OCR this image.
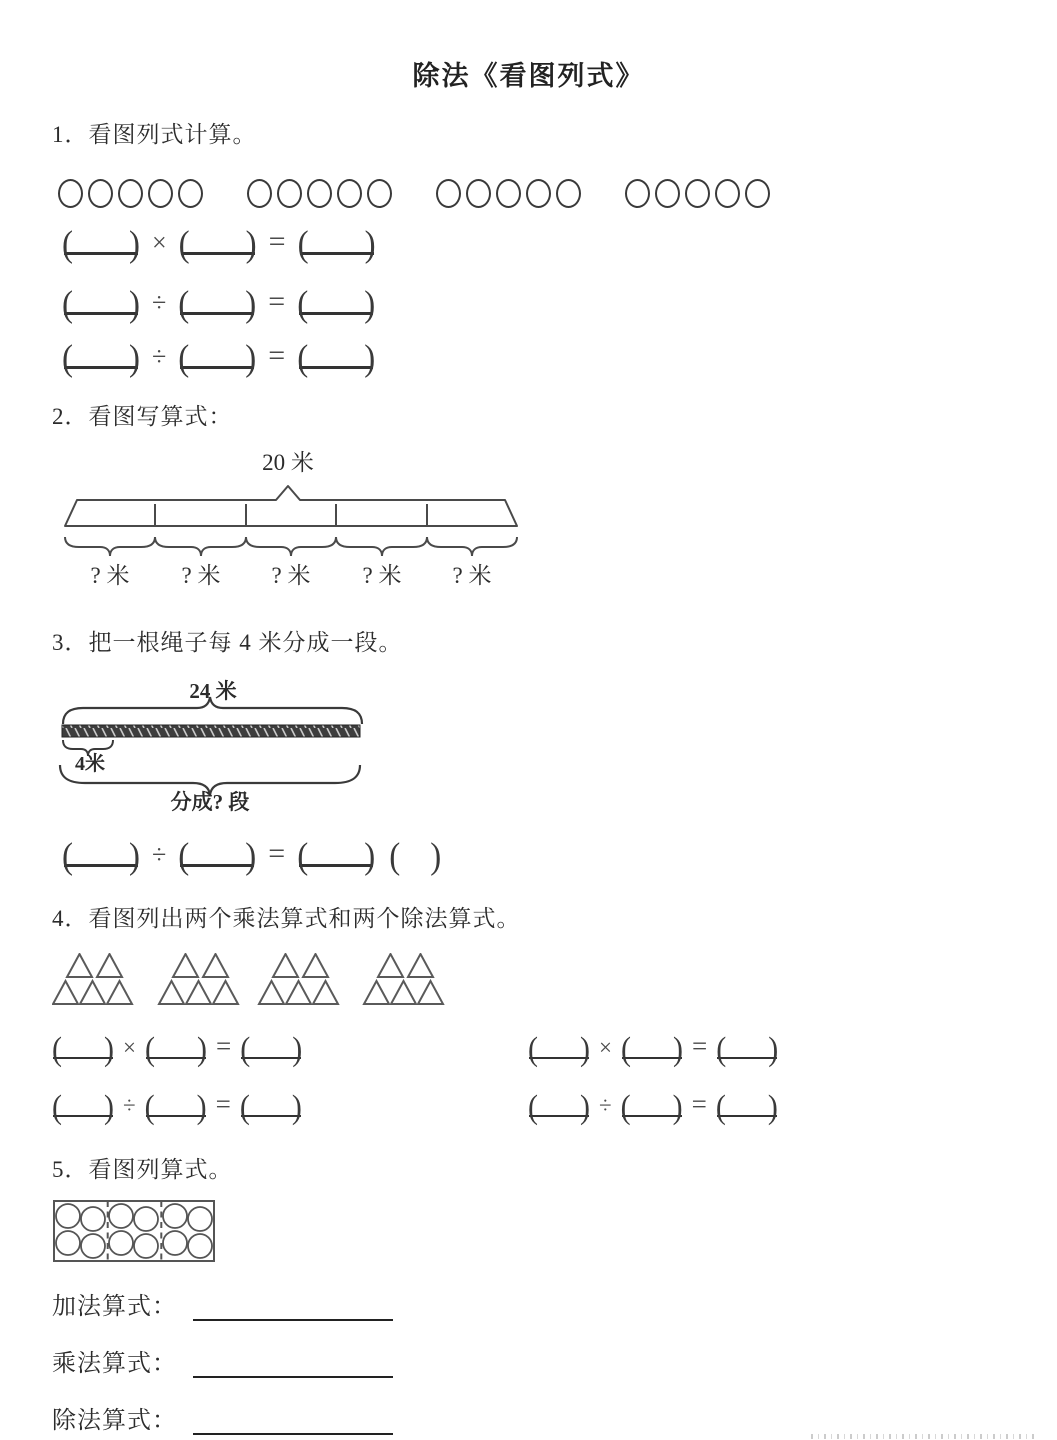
除法《看图列式》
1．看图列式计算。
( ) × ( ) = ( )
( ) ÷ ( ) = ( )
( ) ÷ ( ) = ( )
2．看图写算式：
20 米
? 米 ? 米 ? 米 ? 米 ? 米
3．把一根绳子每 4 米分成一段。
24 米
4米
分成? 段
( ) ÷ ( ) = ( ) ( )
4．看图列出两个乘法算式和两个除法算式。
( ) × ( ) = ( )	( ) × ( ) = ( )
( ) ÷ ( ) = ( )	( ) ÷ ( ) = ( )
5．看图列算式。
加法算式：
乘法算式：
除法算式：
